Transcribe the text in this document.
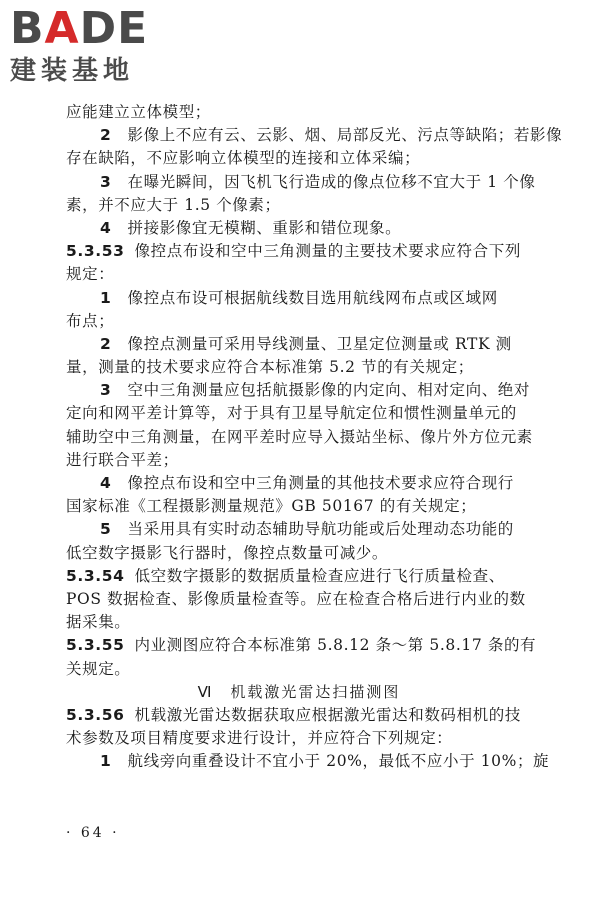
BADE
建装基地
应能建立立体模型；
2　 影像上不应有云、云影、烟、局部反光、污点等缺陷；若影像
存在缺陷，不应影响立体模型的连接和立体采编；
3　 在曝光瞬间，因飞机飞行造成的像点位移不宜大于 1 个像
素，并不应大于 1.5 个像素；
4　 拼接影像宜无模糊、重影和错位现象。
5.3.53 像控点布设和空中三角测量的主要技术要求应符合下列
规定：
1　 像控点布设可根据航线数目选用航线网布点或区域网
布点；
2　 像控点测量可采用导线测量、卫星定位测量或 RTK 测
量，测量的技术要求应符合本标准第 5.2 节的有关规定；
3　 空中三角测量应包括航摄影像的内定向、相对定向、绝对
定向和网平差计算等，对于具有卫星导航定位和惯性测量单元的
辅助空中三角测量，在网平差时应导入摄站坐标、像片外方位元素
进行联合平差；
4　 像控点布设和空中三角测量的其他技术要求应符合现行
国家标准《工程摄影测量规范》GB 50167 的有关规定；
5　 当采用具有实时动态辅助导航功能或后处理动态功能的
低空数字摄影飞行器时，像控点数量可减少。
5.3.54 低空数字摄影的数据质量检查应进行飞行质量检查、
POS 数据检查、影像质量检查等。应在检查合格后进行内业的数
据采集。
5.3.55 内业测图应符合本标准第 5.8.12 条～第 5.8.17 条的有
关规定。
Ⅵ　机载激光雷达扫描测图
5.3.56 机载激光雷达数据获取应根据激光雷达和数码相机的技
术参数及项目精度要求进行设计，并应符合下列规定：
1　 航线旁向重叠设计不宜小于 20%，最低不应小于 10%；旋
· 64 ·
